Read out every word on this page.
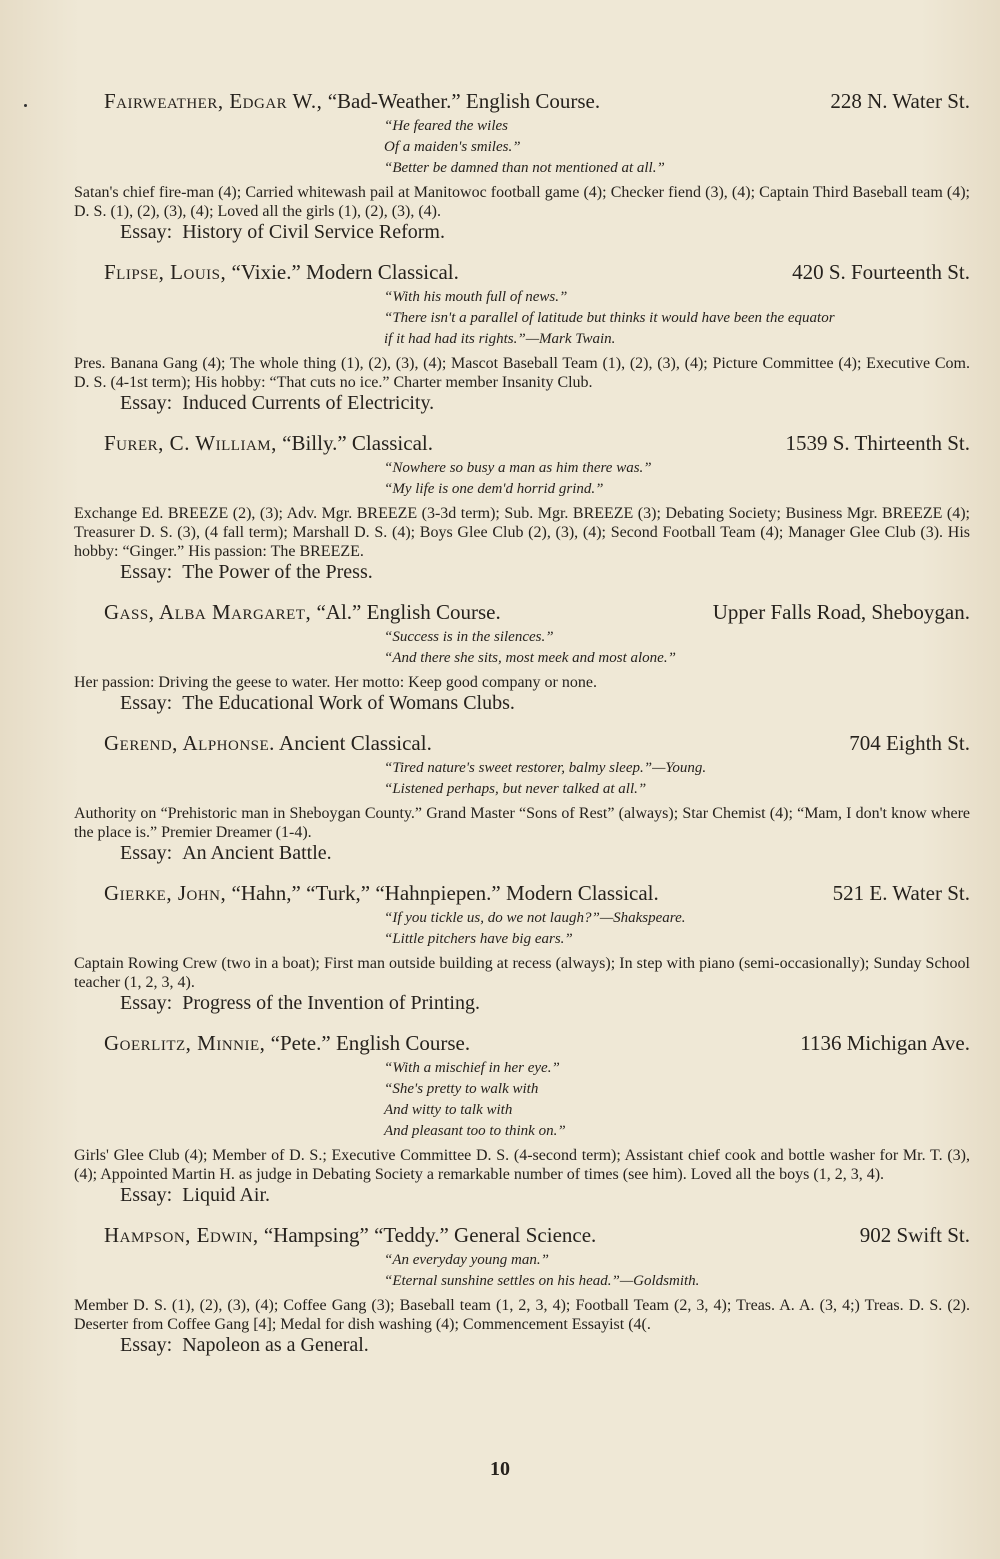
Fairweather, Edgar W., “Bad-Weather.” English Course.	228 N. Water St.
“He feared the wiles
Of a maiden's smiles.”
“Better be damned than not mentioned at all.”
Satan's chief fire-man (4); Carried whitewash pail at Manitowoc football game (4); Checker fiend (3), (4); Captain Third Baseball team (4); D. S. (1), (2), (3), (4); Loved all the girls (1), (2), (3), (4).
Essay: History of Civil Service Reform.
Flipse, Louis, “Vixie.” Modern Classical.	420 S. Fourteenth St.
“With his mouth full of news.”
“There isn't a parallel of latitude but thinks it would have been the equator
if it had had its rights.”—Mark Twain.
Pres. Banana Gang (4); The whole thing (1), (2), (3), (4); Mascot Baseball Team (1), (2), (3), (4); Picture Committee (4); Executive Com. D. S. (4-1st term); His hobby: “That cuts no ice.” Charter member Insanity Club.
Essay: Induced Currents of Electricity.
Furer, C. William, “Billy.” Classical.	1539 S. Thirteenth St.
“Nowhere so busy a man as him there was.”
“My life is one dem'd horrid grind.”
Exchange Ed. BREEZE (2), (3); Adv. Mgr. BREEZE (3-3d term); Sub. Mgr. BREEZE (3); Debating Society; Business Mgr. BREEZE (4); Treasurer D. S. (3), (4 fall term); Marshall D. S. (4); Boys Glee Club (2), (3), (4); Second Football Team (4); Manager Glee Club (3). His hobby: “Ginger.” His passion: The BREEZE.
Essay: The Power of the Press.
Gass, Alba Margaret, “Al.” English Course.	Upper Falls Road, Sheboygan.
“Success is in the silences.”
“And there she sits, most meek and most alone.”
Her passion: Driving the geese to water. Her motto: Keep good company or none.
Essay: The Educational Work of Womans Clubs.
Gerend, Alphonse. Ancient Classical.	704 Eighth St.
“Tired nature's sweet restorer, balmy sleep.”—Young.
“Listened perhaps, but never talked at all.”
Authority on “Prehistoric man in Sheboygan County.” Grand Master “Sons of Rest” (always); Star Chemist (4); “Mam, I don't know where the place is.” Premier Dreamer (1-4).
Essay: An Ancient Battle.
Gierke, John, “Hahn,” “Turk,” “Hahnpiepen.” Modern Classical.	521 E. Water St.
“If you tickle us, do we not laugh?”—Shakspeare.
“Little pitchers have big ears.”
Captain Rowing Crew (two in a boat); First man outside building at recess (always); In step with piano (semi-occasionally); Sunday School teacher (1, 2, 3, 4).
Essay: Progress of the Invention of Printing.
Goerlitz, Minnie, “Pete.” English Course.	1136 Michigan Ave.
“With a mischief in her eye.”
“She's pretty to walk with
And witty to talk with
And pleasant too to think on.”
Girls' Glee Club (4); Member of D. S.; Executive Committee D. S. (4-second term); Assistant chief cook and bottle washer for Mr. T. (3), (4); Appointed Martin H. as judge in Debating Society a remarkable number of times (see him). Loved all the boys (1, 2, 3, 4).
Essay: Liquid Air.
Hampson, Edwin, “Hampsing” “Teddy.” General Science.	902 Swift St.
“An everyday young man.”
“Eternal sunshine settles on his head.”—Goldsmith.
Member D. S. (1), (2), (3), (4); Coffee Gang (3); Baseball team (1, 2, 3, 4); Football Team (2, 3, 4); Treas. A. A. (3, 4;) Treas. D. S. (2). Deserter from Coffee Gang [4]; Medal for dish washing (4); Commencement Essayist (4(.
Essay: Napoleon as a General.
10
